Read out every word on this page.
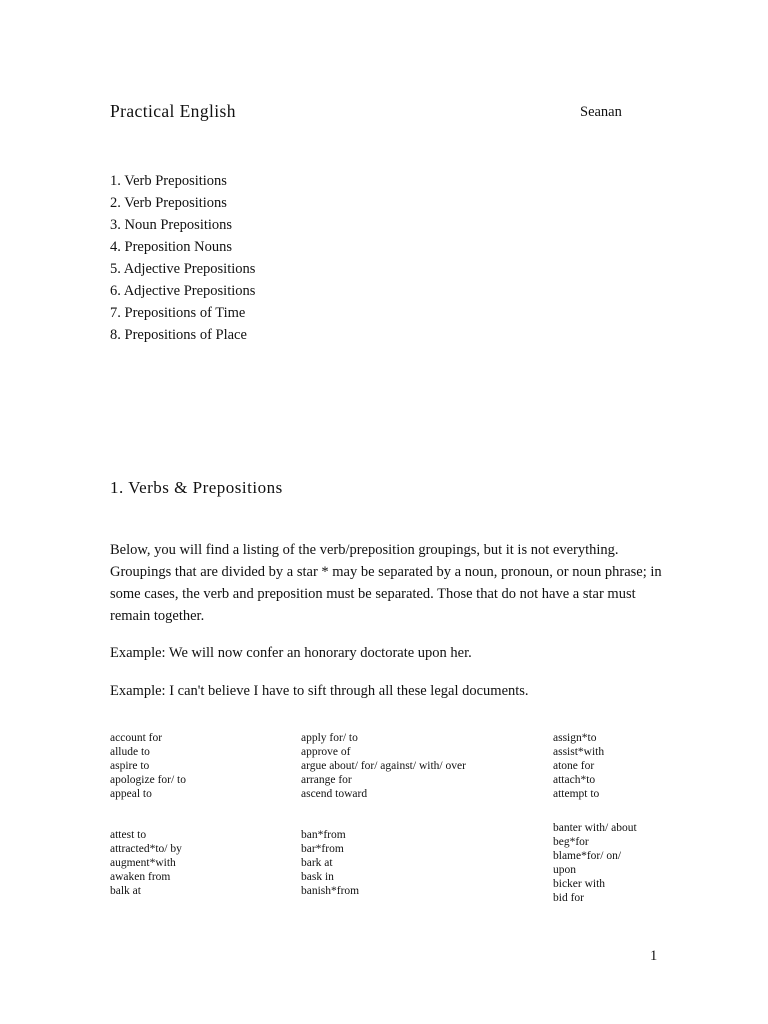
Practical English	Seanan
1. Verb Prepositions
2. Verb Prepositions
3. Noun Prepositions
4. Preposition Nouns
5. Adjective Prepositions
6. Adjective Prepositions
7. Prepositions of Time
8. Prepositions of Place
1. Verbs & Prepositions

Below, you will find a listing of the verb/preposition groupings, but it is not everything. Groupings that are divided by a star * may be separated by a noun, pronoun, or noun phrase; in some cases, the verb and preposition must be separated. Those that do not have a star must remain together.

Example: We will now confer an honorary doctorate upon her.

Example: I can't believe I have to sift through all these legal documents.

account for
allude to
aspire to
apologize for/ to
appeal to
apply for/ to
approve of
argue about/ for/ against/ with/ over
arrange for
ascend toward
assign*to
assist*with
atone for
attach*to
attempt to
attest to
attracted*to/ by
augment*with
awaken from
balk at
ban*from
bar*from
bark at
bask in
banish*from
banter with/ about
beg*for
blame*for/ on/
upon
bicker with
bid for
1
